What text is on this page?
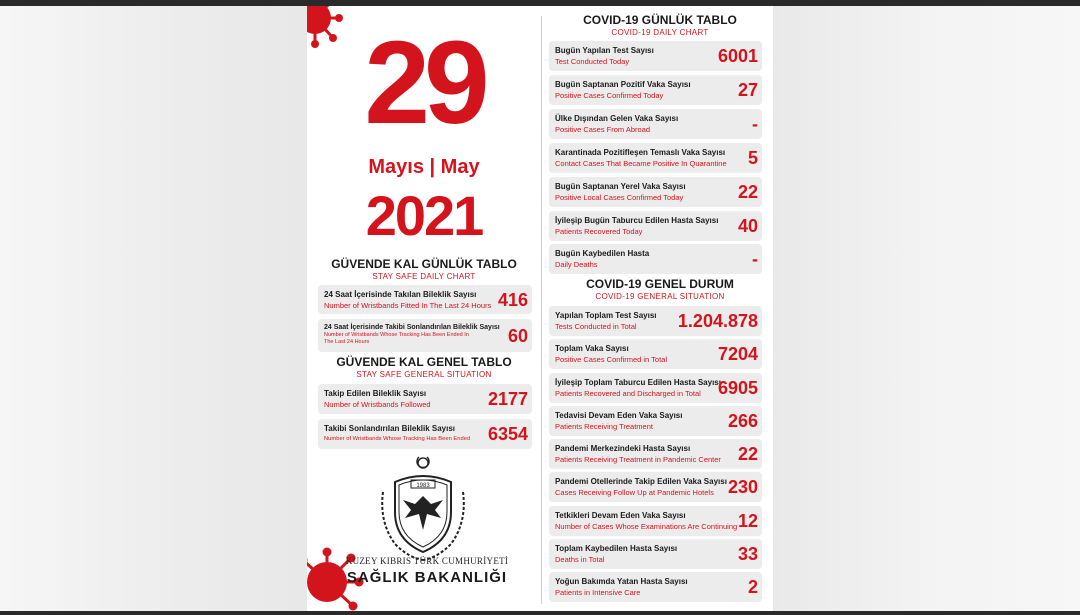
29
Mayıs | May
2021
GÜVENDE KAL GÜNLÜK TABLO
STAY SAFE DAILY CHART
24 Saat İçerisinde Takılan Bileklik Sayısı
Number of Wristbands Fitted In The Last 24 Hours 416
24 Saat İçerisinde Takibi Sonlandırılan Bileklik Sayısı
Number of Wristbands Whose Tracking Has Been Ended In The Last 24 Hours	60
GÜVENDE KAL GENEL TABLO
STAY SAFE GENERAL SITUATION
Takip Edilen Bileklik Sayısı
Number of Wristbands Followed	2177
Takibi Sonlandırılan Bileklik Sayısı
Number of Wristbands Whose Tracking Has Been Ended 6354
1983
KUZEY KIBRIS TÜRK CUMHURİYETİ
SAĞLIK BAKANLIĞI
COVID-19 GÜNLÜK TABLO
COVID-19 DAILY CHART
Bugün Yapılan Test Sayısı
Test Conducted Today	6001
Bugün Saptanan Pozitif Vaka Sayısı
Positive Cases Confirmed Today	27
Ülke Dışından Gelen Vaka Sayısı
Positive Cases From Abroad	-
Karantinada Pozitifleşen Temaslı Vaka Sayısı
Contact Cases That Became Positive In Quarantine 5
Bugün Saptanan Yerel Vaka Sayısı
Positive Local Cases Confirmed Today	22
İyileşip Bugün Taburcu Edilen Hasta Sayısı
Patients Recovered Today	40
Bugün Kaybedilen Hasta
Daily Deaths	-
COVID-19 GENEL DURUM
COVID-19 GENERAL SITUATION
Yapılan Toplam Test Sayısı
Tests Conducted in Total 1.204.878
Toplam Vaka Sayısı
Positive Cases Confirmed in Total	7204
İyileşip Toplam Taburcu Edilen Hasta Sayısı
Patients Recovered and Discharged in Total 6905
Tedavisi Devam Eden Vaka Sayısı
Patients Receiving Treatment	266
Pandemi Merkezindeki Hasta Sayısı
Patients Receiving Treatment in Pandemic Center 22
Pandemi Otellerinde Takip Edilen Vaka Sayısı
Cases Receiving Follow Up at Pandemic Hotels 230
Tetkikleri Devam Eden Vaka Sayısı
Number of Cases Whose Examinations Are Continuing 12
Toplam Kaybedilen Hasta Sayısı
Deaths in Total	33
Yoğun Bakımda Yatan Hasta Sayısı
Patients in Intensive Care	2
